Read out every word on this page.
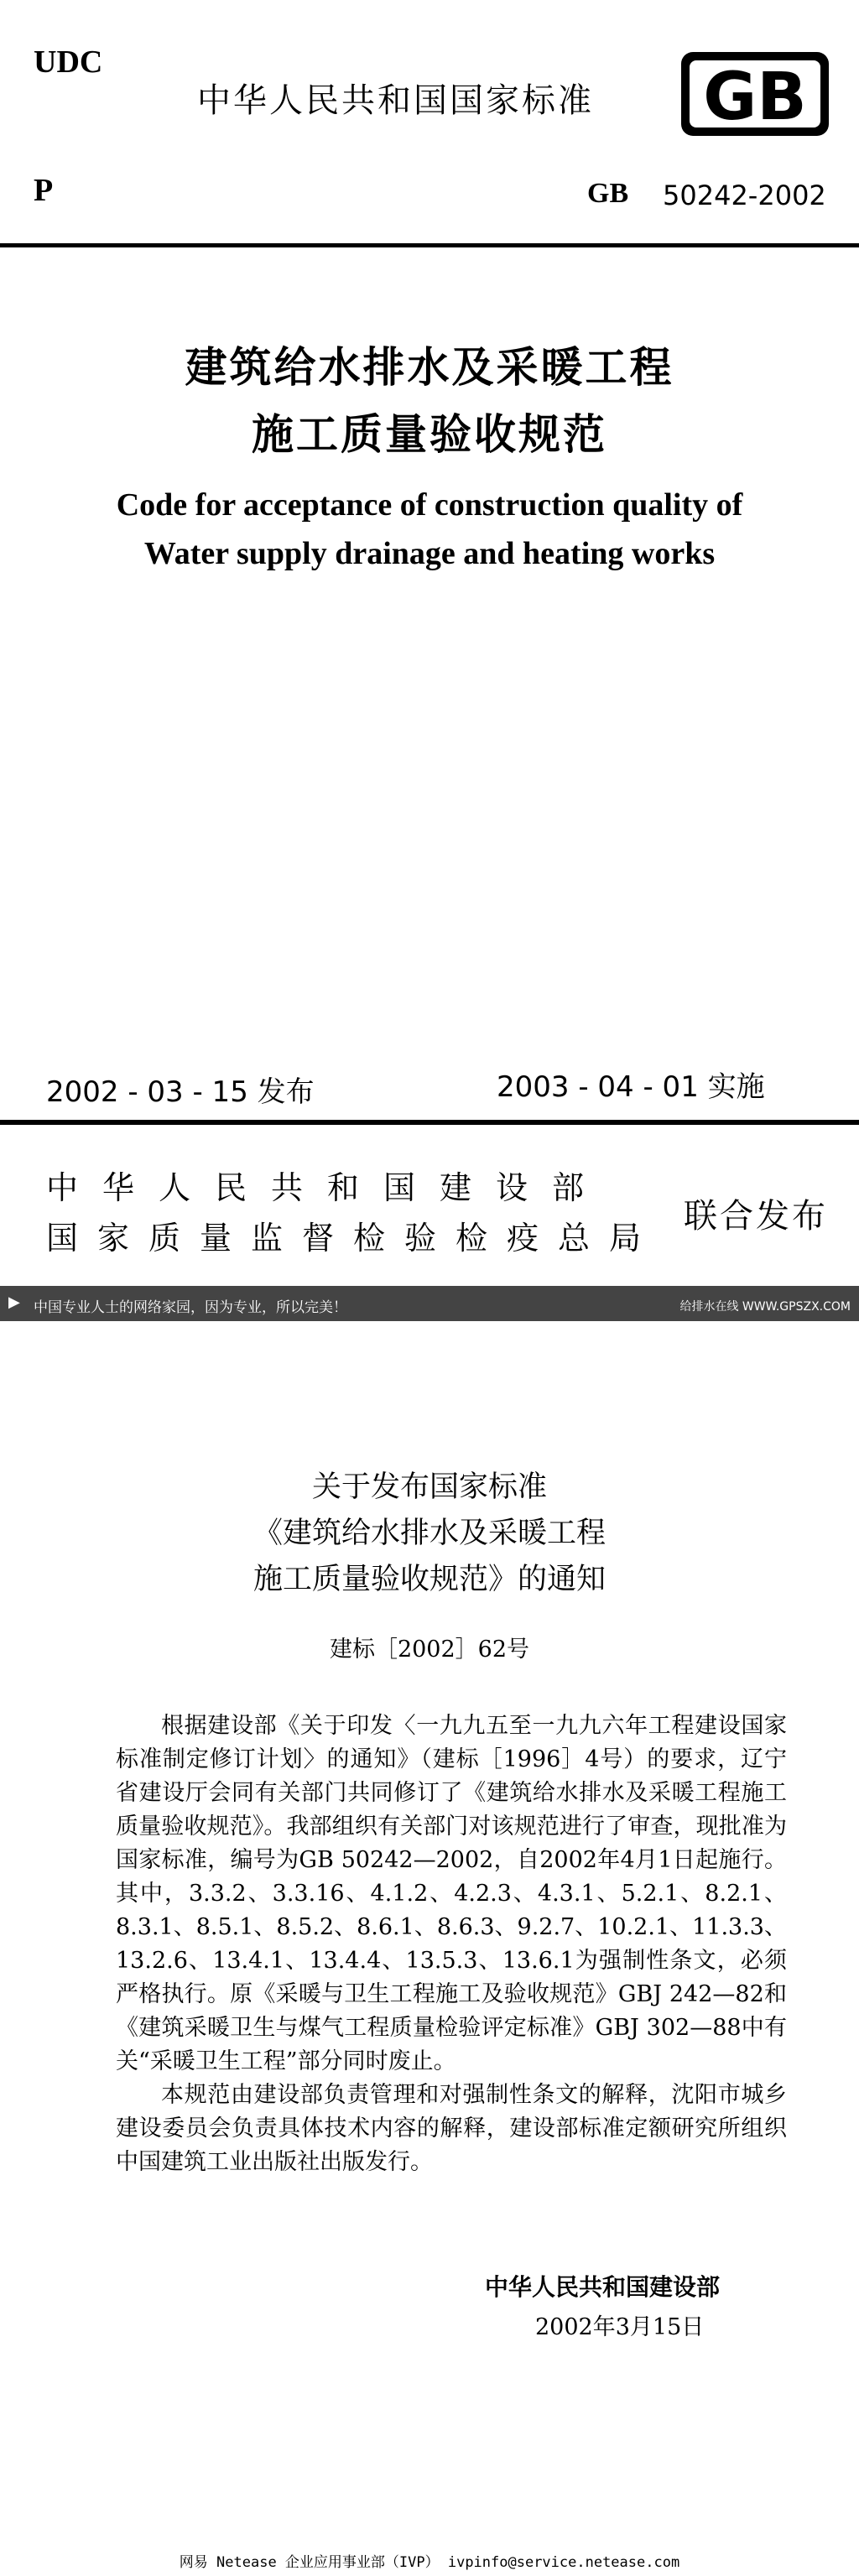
UDC
中华人民共和国国家标准 GB
P	GB 50242-2002
建筑给水排水及采暖工程
施工质量验收规范
Code for acceptance of construction quality of
Water supply drainage and heating works
2002 - 03 - 15 发布	2003 - 04 - 01 实施
中华人民共和国建设部
国家质量监督检验检疫总局
联合发布
▶ 中国专业人士的网络家园，因为专业，所以完美！	给排水在线 WWW.GPSZX.COM
关于发布国家标准
《建筑给水排水及采暖工程
施工质量验收规范》的通知
建标［2002］62号

根据建设部《关于印发〈一九九五至一九九六年工程建设国家标准制定修订计划〉的通知》（建标［1996］4号）的要求，辽宁省建设厅会同有关部门共同修订了《建筑给水排水及采暖工程施工质量验收规范》。我部组织有关部门对该规范进行了审查，现批准为国家标准，编号为GB 50242—2002，自2002年4月1日起施行。其中，3.3.2、3.3.16、4.1.2、4.2.3、4.3.1、5.2.1、8.2.1、8.3.1、8.5.1、8.5.2、8.6.1、8.6.3、9.2.7、10.2.1、11.3.3、13.2.6、13.4.1、13.4.4、13.5.3、13.6.1为强制性条文，必须严格执行。原《采暖与卫生工程施工及验收规范》GBJ 242—82和《建筑采暖卫生与煤气工程质量检验评定标准》GBJ 302—88中有关“采暖卫生工程”部分同时废止。

本规范由建设部负责管理和对强制性条文的解释，沈阳市城乡建设委员会负责具体技术内容的解释，建设部标准定额研究所组织中国建筑工业出版社出版发行。

中华人民共和国建设部
2002年3月15日
网易 Netease 企业应用事业部（IVP） ivpinfo@service.netease.com
